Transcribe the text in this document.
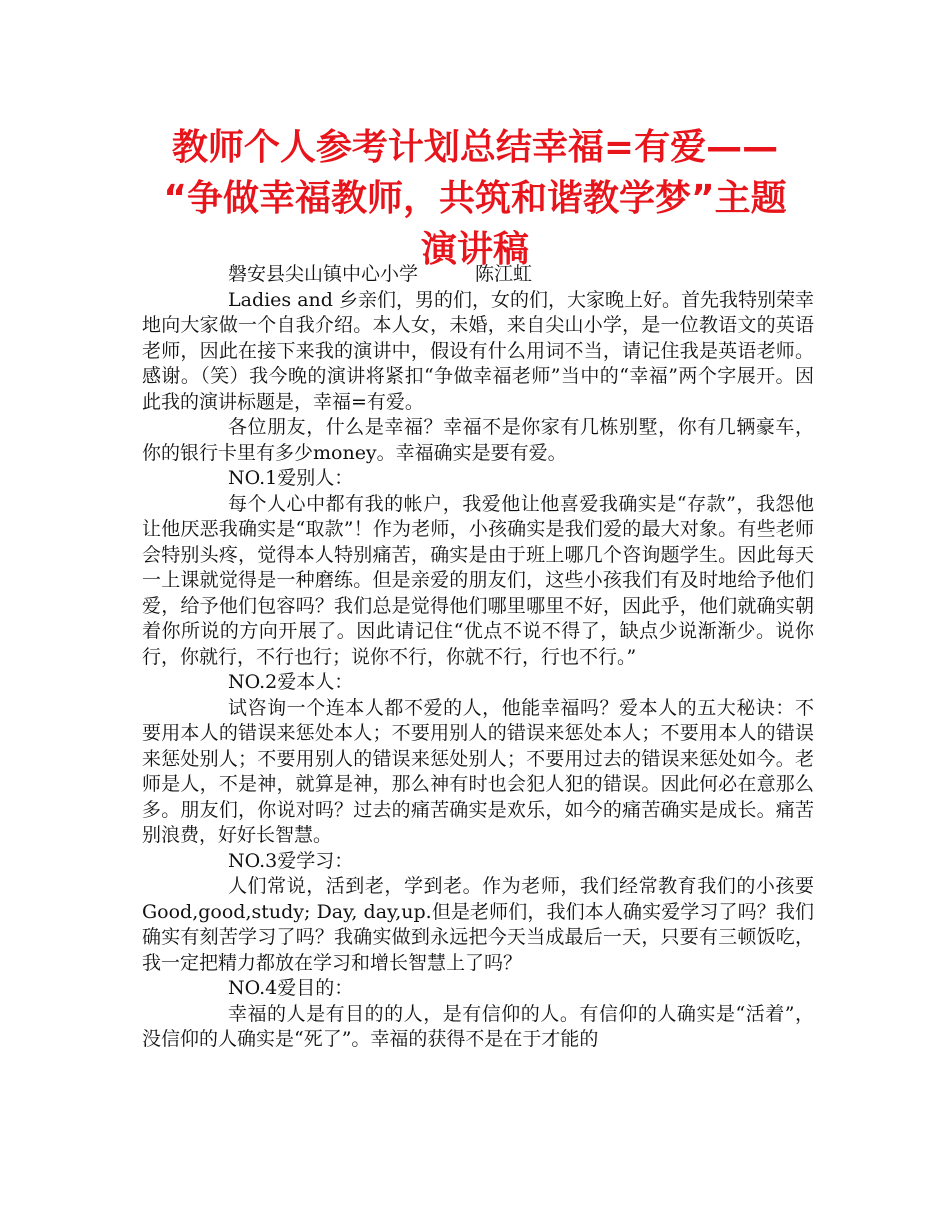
教师个人参考计划总结幸福=有爱——
“争做幸福教师，共筑和谐教学梦”主题
演讲稿

磐安县尖山镇中心小学　　　陈江虹

Ladies and 乡亲们，男的们，女的们，大家晚上好。首先我特别荣幸地向大家做一个自我介绍。本人女，未婚，来自尖山小学，是一位教语文的英语老师，因此在接下来我的演讲中，假设有什么用词不当，请记住我是英语老师。感谢。（笑）我今晚的演讲将紧扣“争做幸福老师”当中的“幸福”两个字展开。因此我的演讲标题是，幸福=有爱。

各位朋友，什么是幸福？幸福不是你家有几栋别墅，你有几辆豪车，你的银行卡里有多少money。幸福确实是要有爱。

NO.1爱别人：

每个人心中都有我的帐户，我爱他让他喜爱我确实是“存款”，我怨他让他厌恶我确实是“取款”！作为老师，小孩确实是我们爱的最大对象。有些老师会特别头疼，觉得本人特别痛苦，确实是由于班上哪几个咨询题学生。因此每天一上课就觉得是一种磨练。但是亲爱的朋友们，这些小孩我们有及时地给予他们爱，给予他们包容吗？我们总是觉得他们哪里哪里不好，因此乎，他们就确实朝着你所说的方向开展了。因此请记住“优点不说不得了，缺点少说渐渐少。说你行，你就行，不行也行；说你不行，你就不行，行也不行。”

NO.2爱本人：

试咨询一个连本人都不爱的人，他能幸福吗？爱本人的五大秘诀：不要用本人的错误来惩处本人；不要用别人的错误来惩处本人；不要用本人的错误来惩处别人；不要用别人的错误来惩处别人；不要用过去的错误来惩处如今。老师是人，不是神，就算是神，那么神有时也会犯人犯的错误。因此何必在意那么多。朋友们，你说对吗？过去的痛苦确实是欢乐，如今的痛苦确实是成长。痛苦别浪费，好好长智慧。

NO.3爱学习：

人们常说，活到老，学到老。作为老师，我们经常教育我们的小孩要Good,good,study; Day, day,up.但是老师们，我们本人确实爱学习了吗？我们确实有刻苦学习了吗？我确实做到永远把今天当成最后一天，只要有三顿饭吃，我一定把精力都放在学习和增长智慧上了吗？

NO.4爱目的：

幸福的人是有目的的人，是有信仰的人。有信仰的人确实是“活着”，没信仰的人确实是“死了”。幸福的获得不是在于才能的
